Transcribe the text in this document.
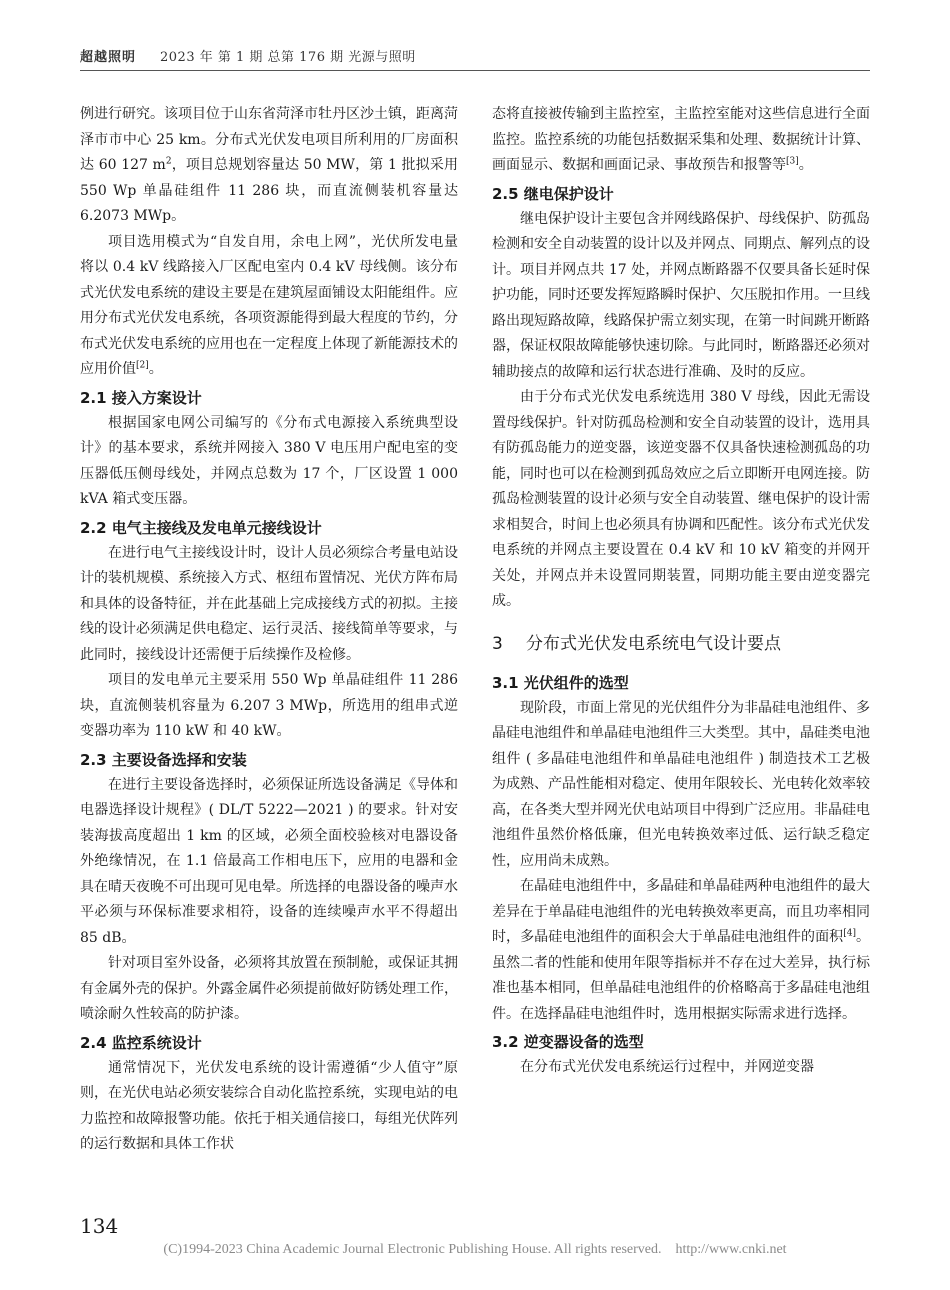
超越照明 2023 年 第 1 期 总第 176 期 光源与照明

例进行研究。该项目位于山东省菏泽市牡丹区沙土镇，距离菏泽市市中心 25 km。分布式光伏发电项目所利用的厂房面积达 60 127 $m^2$，项目总规划容量达 50 MW，第 1 批拟采用 550 Wp 单晶硅组件 11 286 块，而直流侧装机容量达 6.2073 MWp。

项目选用模式为“自发自用，余电上网”，光伏所发电量将以 0.4 kV 线路接入厂区配电室内 0.4 kV 母线侧。该分布式光伏发电系统的建设主要是在建筑屋面铺设太阳能组件。应用分布式光伏发电系统，各项资源能得到最大程度的节约，分布式光伏发电系统的应用也在一定程度上体现了新能源技术的应用价值[2]。

2.1 接入方案设计

根据国家电网公司编写的《分布式电源接入系统典型设计》的基本要求，系统并网接入 380 V 电压用户配电室的变压器低压侧母线处，并网点总数为 17 个，厂区设置 1 000 kVA 箱式变压器。

2.2 电气主接线及发电单元接线设计

在进行电气主接线设计时，设计人员必须综合考量电站设计的装机规模、系统接入方式、枢纽布置情况、光伏方阵布局和具体的设备特征，并在此基础上完成接线方式的初拟。主接线的设计必须满足供电稳定、运行灵活、接线简单等要求，与此同时，接线设计还需便于后续操作及检修。

项目的发电单元主要采用 550 Wp 单晶硅组件 11 286 块，直流侧装机容量为 6.207 3 MWp，所选用的组串式逆变器功率为 110 kW 和 40 kW。

2.3 主要设备选择和安装

在进行主要设备选择时，必须保证所选设备满足《导体和电器选择设计规程》( DL/T 5222—2021 ) 的要求。针对安装海拔高度超出 1 km 的区域，必须全面校验核对电器设备外绝缘情况，在 1.1 倍最高工作相电压下，应用的电器和金具在晴天夜晚不可出现可见电晕。所选择的电器设备的噪声水平必须与环保标准要求相符，设备的连续噪声水平不得超出 85 dB。

针对项目室外设备，必须将其放置在预制舱，或保证其拥有金属外壳的保护。外露金属件必须提前做好防锈处理工作，喷涂耐久性较高的防护漆。

2.4 监控系统设计

通常情况下，光伏发电系统的设计需遵循“少人值守”原则，在光伏电站必须安装综合自动化监控系统，实现电站的电力监控和故障报警功能。依托于相关通信接口，每组光伏阵列的运行数据和具体工作状

态将直接被传输到主监控室，主监控室能对这些信息进行全面监控。监控系统的功能包括数据采集和处理、数据统计计算、画面显示、数据和画面记录、事故预告和报警等[3]。

2.5 继电保护设计

继电保护设计主要包含并网线路保护、母线保护、防孤岛检测和安全自动装置的设计以及并网点、同期点、解列点的设计。项目并网点共 17 处，并网点断路器不仅要具备长延时保护功能，同时还要发挥短路瞬时保护、欠压脱扣作用。一旦线路出现短路故障，线路保护需立刻实现，在第一时间跳开断路器，保证权限故障能够快速切除。与此同时，断路器还必须对辅助接点的故障和运行状态进行准确、及时的反应。

由于分布式光伏发电系统选用 380 V 母线，因此无需设置母线保护。针对防孤岛检测和安全自动装置的设计，选用具有防孤岛能力的逆变器，该逆变器不仅具备快速检测孤岛的功能，同时也可以在检测到孤岛效应之后立即断开电网连接。防孤岛检测装置的设计必须与安全自动装置、继电保护的设计需求相契合，时间上也必须具有协调和匹配性。该分布式光伏发电系统的并网点主要设置在 0.4 kV 和 10 kV 箱变的并网开关处，并网点并未设置同期装置，同期功能主要由逆变器完成。

3 分布式光伏发电系统电气设计要点
3.1 光伏组件的选型

现阶段，市面上常见的光伏组件分为非晶硅电池组件、多晶硅电池组件和单晶硅电池组件三大类型。其中，晶硅类电池组件 ( 多晶硅电池组件和单晶硅电池组件 ) 制造技术工艺极为成熟、产品性能相对稳定、使用年限较长、光电转化效率较高，在各类大型并网光伏电站项目中得到广泛应用。非晶硅电池组件虽然价格低廉，但光电转换效率过低、运行缺乏稳定性，应用尚未成熟。

在晶硅电池组件中，多晶硅和单晶硅两种电池组件的最大差异在于单晶硅电池组件的光电转换效率更高，而且功率相同时，多晶硅电池组件的面积会大于单晶硅电池组件的面积[4]。虽然二者的性能和使用年限等指标并不存在过大差异，执行标准也基本相同，但单晶硅电池组件的价格略高于多晶硅电池组件。在选择晶硅电池组件时，选用根据实际需求进行选择。

3.2 逆变器设备的选型

在分布式光伏发电系统运行过程中，并网逆变器

134
(C)1994-2023 China Academic Journal Electronic Publishing House. All rights reserved.    http://www.cnki.net
